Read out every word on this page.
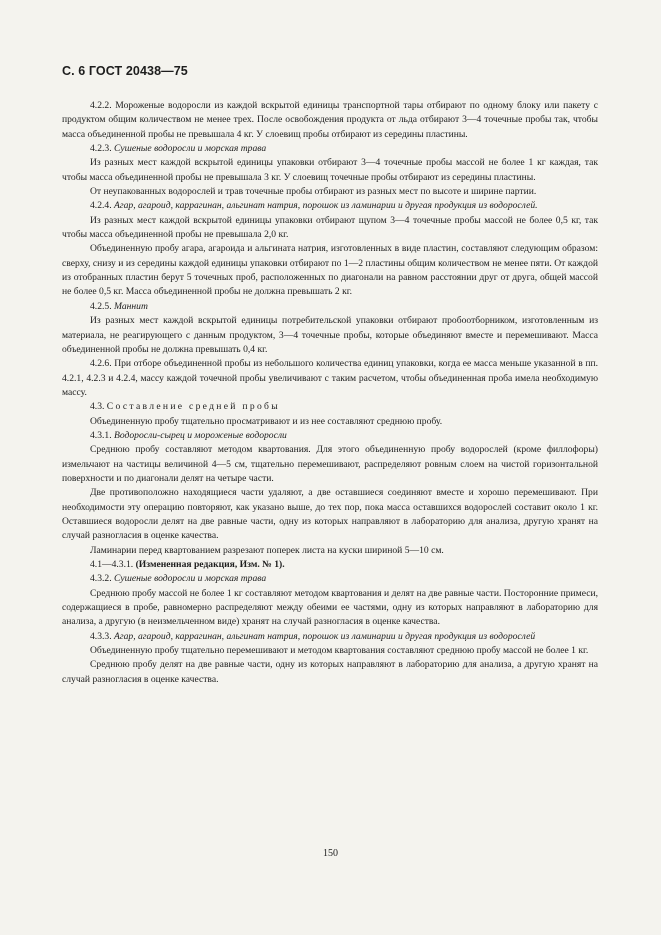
С. 6 ГОСТ 20438—75

4.2.2. Мороженые водоросли из каждой вскрытой единицы транспортной тары отбирают по одному блоку или пакету с продуктом общим количеством не менее трех. После освобождения продукта от льда отбирают 3—4 точечные пробы так, чтобы масса объединенной пробы не превышала 4 кг. У слоевищ пробы отбирают из середины пластины.

4.2.3. Сушеные водоросли и морская трава

Из разных мест каждой вскрытой единицы упаковки отбирают 3—4 точечные пробы массой не более 1 кг каждая, так чтобы масса объединенной пробы не превышала 3 кг. У слоевищ точечные пробы отбирают из середины пластины.

От неупакованных водорослей и трав точечные пробы отбирают из разных мест по высоте и ширине партии.

4.2.4. Агар, агароид, каррагинан, альгинат натрия, порошок из ламинарии и другая продукция из водорослей.

Из разных мест каждой вскрытой единицы упаковки отбирают щупом 3—4 точечные пробы массой не более 0,5 кг, так чтобы масса объединенной пробы не превышала 2,0 кг.

Объединенную пробу агара, агароида и альгината натрия, изготовленных в виде пластин, составляют следующим образом: сверху, снизу и из середины каждой единицы упаковки отбирают по 1—2 пластины общим количеством не менее пяти. От каждой из отобранных пластин берут 5 точечных проб, расположенных по диагонали на равном расстоянии друг от друга, общей массой не более 0,5 кг. Масса объединенной пробы не должна превышать 2 кг.

4.2.5. Маннит

Из разных мест каждой вскрытой единицы потребительской упаковки отбирают пробоотборником, изготовленным из материала, не реагирующего с данным продуктом, 3—4 точечные пробы, которые объединяют вместе и перемешивают. Масса объединенной пробы не должна превышать 0,4 кг.

4.2.6. При отборе объединенной пробы из небольшого количества единиц упаковки, когда ее масса меньше указанной в пп. 4.2.1, 4.2.3 и 4.2.4, массу каждой точечной пробы увеличивают с таким расчетом, чтобы объединенная проба имела необходимую массу.

4.3. Составление средней пробы

Объединенную пробу тщательно просматривают и из нее составляют среднюю пробу.

4.3.1. Водоросли-сырец и мороженые водоросли

Среднюю пробу составляют методом квартования. Для этого объединенную пробу водорослей (кроме филлофоры) измельчают на частицы величиной 4—5 см, тщательно перемешивают, распределяют ровным слоем на чистой горизонтальной поверхности и по диагонали делят на четыре части.

Две противоположно находящиеся части удаляют, а две оставшиеся соединяют вместе и хорошо перемешивают. При необходимости эту операцию повторяют, как указано выше, до тех пор, пока масса оставшихся водорослей составит около 1 кг. Оставшиеся водоросли делят на две равные части, одну из которых направляют в лабораторию для анализа, другую хранят на случай разногласия в оценке качества.

Ламинарии перед квартованием разрезают поперек листа на куски шириной 5—10 см.

4.1—4.3.1. (Измененная редакция, Изм. № 1).

4.3.2. Сушеные водоросли и морская трава

Среднюю пробу массой не более 1 кг составляют методом квартования и делят на две равные части. Посторонние примеси, содержащиеся в пробе, равномерно распределяют между обеими ее частями, одну из которых направляют в лабораторию для анализа, а другую (в неизмельченном виде) хранят на случай разногласия в оценке качества.

4.3.3. Агар, агароид, каррагинан, альгинат натрия, порошок из ламинарии и другая продукция из водорослей

Объединенную пробу тщательно перемешивают и методом квартования составляют среднюю пробу массой не более 1 кг.

Среднюю пробу делят на две равные части, одну из которых направляют в лабораторию для анализа, а другую хранят на случай разногласия в оценке качества.

150
